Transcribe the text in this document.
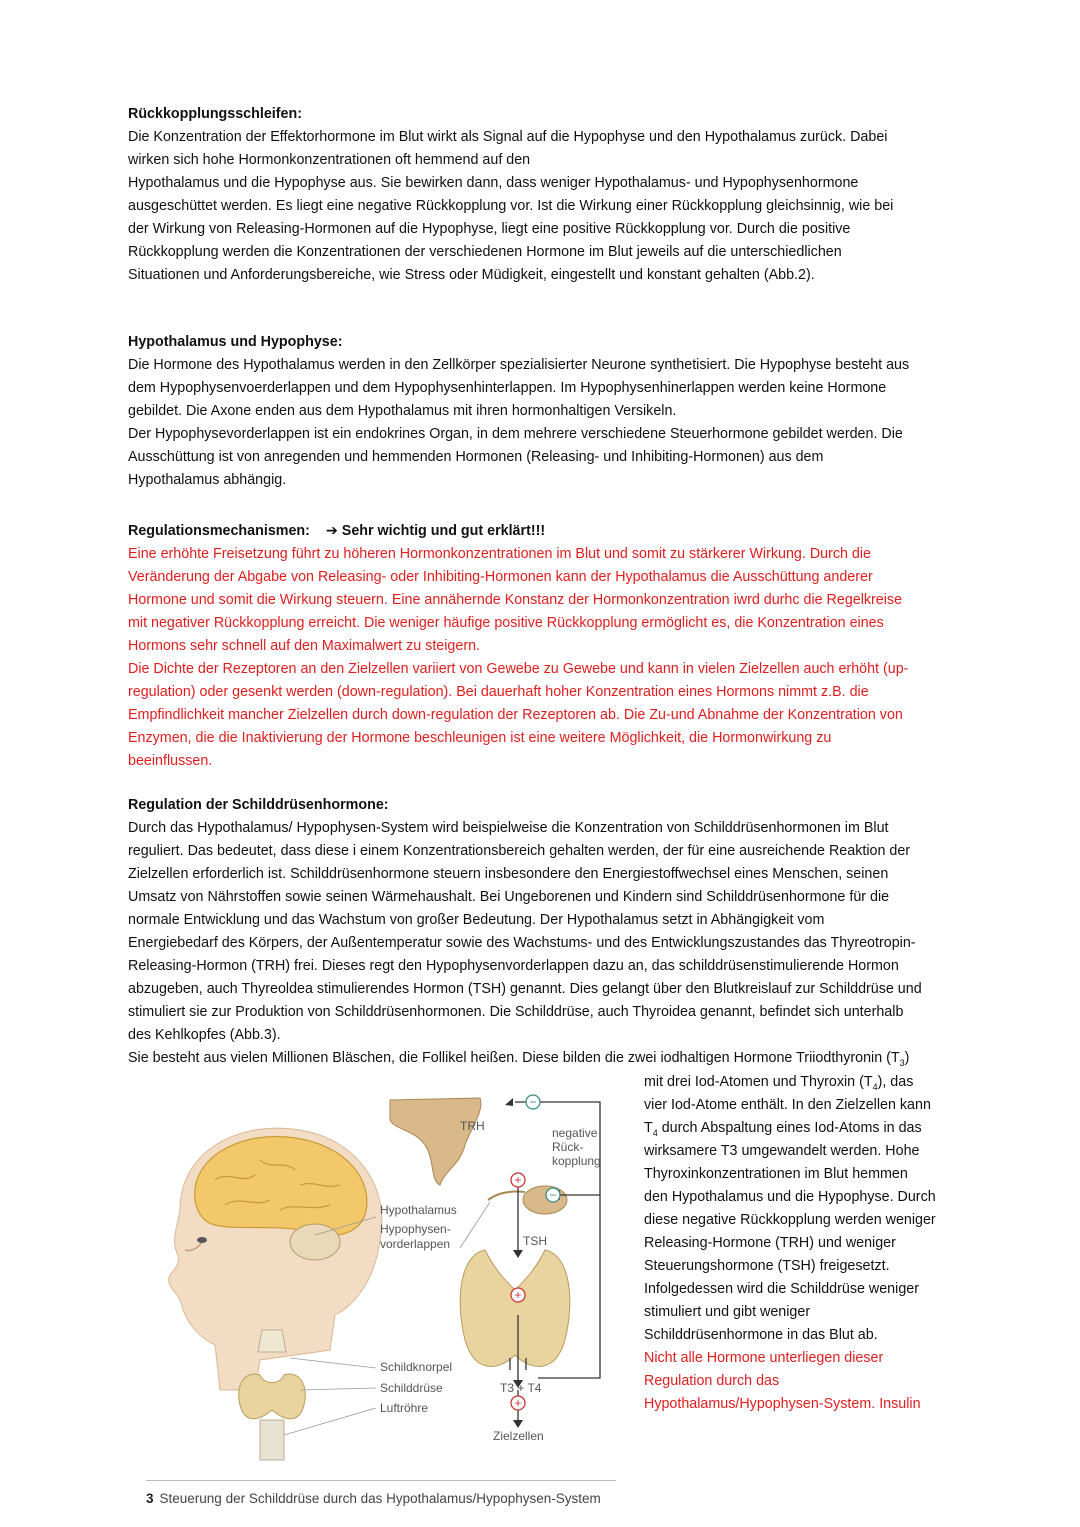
Rückkopplungsschleifen:

Die Konzentration der Effektorhormone im Blut wirkt als Signal auf die Hypophyse und den Hypothalamus zurück. Dabei

wirken sich hohe Hormonkonzentrationen oft hemmend auf den

Hypothalamus und die Hypophyse aus. Sie bewirken dann, dass weniger Hypothalamus- und Hypophysenhormone

ausgeschüttet werden. Es liegt eine negative Rückkopplung vor. Ist die Wirkung einer Rückkopplung gleichsinnig, wie bei

der Wirkung von Releasing-Hormonen auf die Hypophyse, liegt eine positive Rückkopplung vor. Durch die positive

Rückkopplung werden die Konzentrationen der verschiedenen Hormone im Blut jeweils auf die unterschiedlichen

Situationen und Anforderungsbereiche, wie Stress oder Müdigkeit, eingestellt und konstant gehalten (Abb.2).

Hypothalamus und Hypophyse:

Die Hormone des Hypothalamus werden in den Zellkörper spezialisierter Neurone synthetisiert. Die Hypophyse besteht aus

dem Hypophysenvoerderlappen und dem Hypophysenhinterlappen. Im Hypophysenhinerlappen werden keine Hormone

gebildet. Die Axone enden aus dem Hypothalamus mit ihren hormonhaltigen Versikeln.

Der Hypophysevorderlappen ist ein endokrines Organ, in dem mehrere verschiedene Steuerhormone gebildet werden. Die

Ausschüttung ist von anregenden und hemmenden Hormonen (Releasing- und Inhibiting-Hormonen) aus dem

Hypothalamus abhängig.

Regulationsmechanismen: ➔ Sehr wichtig und gut erklärt!!!

Eine erhöhte Freisetzung führt zu höheren Hormonkonzentrationen im Blut und somit zu stärkerer Wirkung. Durch die

Veränderung der Abgabe von Releasing- oder Inhibiting-Hormonen kann der Hypothalamus die Ausschüttung anderer

Hormone und somit die Wirkung steuern. Eine annähernde Konstanz der Hormonkonzentration iwrd durhc die Regelkreise

mit negativer Rückkopplung erreicht. Die weniger häufige positive Rückkopplung ermöglicht es, die Konzentration eines

Hormons sehr schnell auf den Maximalwert zu steigern.

Die Dichte der Rezeptoren an den Zielzellen variiert von Gewebe zu Gewebe und kann in vielen Zielzellen auch erhöht (up-

regulation) oder gesenkt werden (down-regulation). Bei dauerhaft hoher Konzentration eines Hormons nimmt z.B. die

Empfindlichkeit mancher Zielzellen durch down-regulation der Rezeptoren ab. Die Zu-und Abnahme der Konzentration von

Enzymen, die die Inaktivierung der Hormone beschleunigen ist eine weitere Möglichkeit, die Hormonwirkung zu

beeinflussen.

Regulation der Schilddrüsenhormone:

Durch das Hypothalamus/ Hypophysen-System wird beispielweise die Konzentration von Schilddrüsenhormonen im Blut

reguliert. Das bedeutet, dass diese i einem Konzentrationsbereich gehalten werden, der für eine ausreichende Reaktion der

Zielzellen erforderlich ist. Schilddrüsenhormone steuern insbesondere den Energiestoffwechsel eines Menschen, seinen

Umsatz von Nährstoffen sowie seinen Wärmehaushalt. Bei Ungeborenen und Kindern sind Schilddrüsenhormone für die

normale Entwicklung und das Wachstum von großer Bedeutung. Der Hypothalamus setzt in Abhängigkeit vom

Energiebedarf des Körpers, der Außentemperatur sowie des Wachstums- und des Entwicklungszustandes das Thyreotropin-

Releasing-Hormon (TRH) frei. Dieses regt den Hypophysenvorderlappen dazu an, das schilddrüsenstimulierende Hormon

abzugeben, auch Thyreoldea stimulierendes Hormon (TSH) genannt. Dies gelangt über den Blutkreislauf zur Schilddrüse und

stimuliert sie zur Produktion von Schilddrüsenhormonen. Die Schilddrüse, auch Thyroidea genannt, befindet sich unterhalb

des Kehlkopfes (Abb.3).

Sie besteht aus vielen Millionen Bläschen, die Follikel heißen. Diese bilden die zwei iodhaltigen Hormone Triiodthyronin $(T_3)$

mit drei Iod-Atomen und Thyroxin $(T_4)$, das

vier Iod-Atome enthält. In den Zielzellen kann

$T_4$ durch Abspaltung eines Iod-Atoms in das

wirksamere T3 umgewandelt werden. Hohe

Thyroxinkonzentrationen im Blut hemmen

den Hypothalamus und die Hypophyse. Durch

diese negative Rückkopplung werden weniger

Releasing-Hormone (TRH) und weniger

Steuerungshormone (TSH) freigesetzt.

Infolgedessen wird die Schilddrüse weniger

stimuliert und gibt weniger

Schilddrüsenhormone in das Blut ab.

Nicht alle Hormone unterliegen dieser

Regulation durch das

Hypothalamus/Hypophysen-System. Insulin

−
−
+
+
+
TRH	negative
Rück-
kopplung
Hypothalamus
Hypophysen-
vorderlappen	TSH
Schildknorpel
Schilddrüse
Luftröhre
T3 + T4
Zielzellen
3 Steuerung der Schilddrüse durch das Hypothalamus/Hypophysen-System
